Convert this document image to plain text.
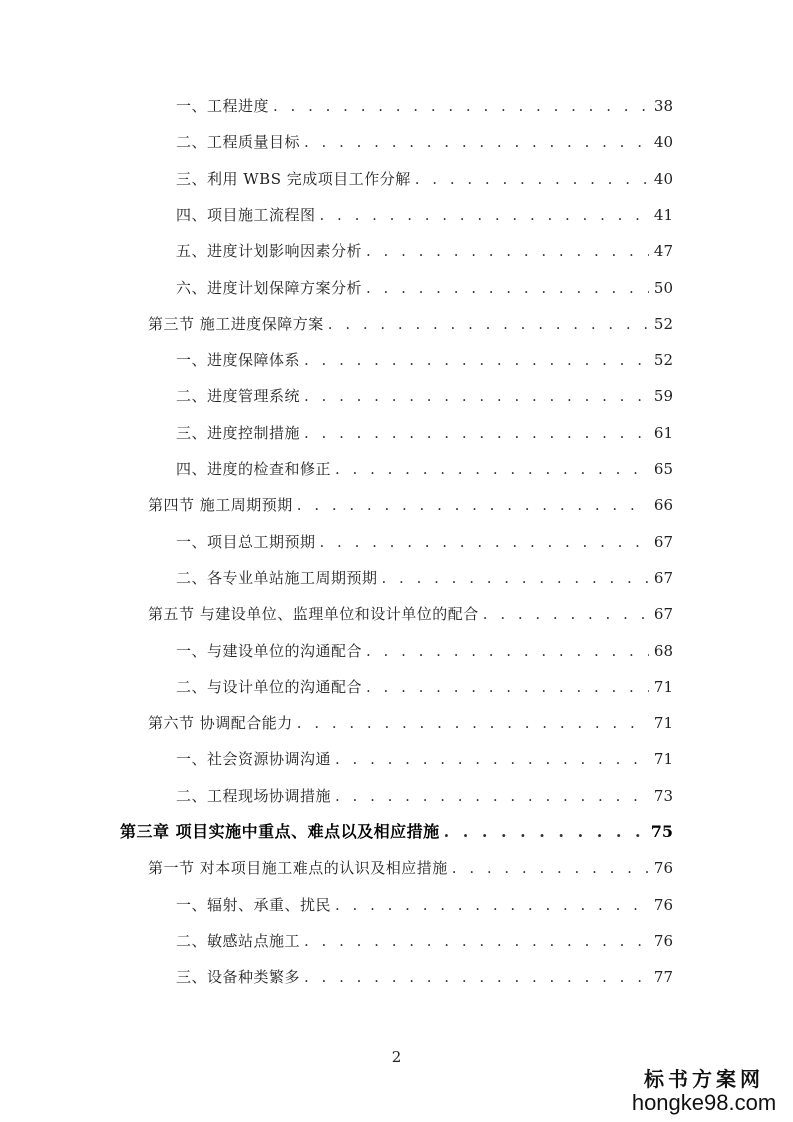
一、工程进度 . . .	38
二、工程质量目标 . . .	40
三、利用 WBS 完成项目工作分解 . . .	40
四、项目施工流程图 . . .	41
五、进度计划影响因素分析 . . .	47
六、进度计划保障方案分析 . . .	50
第三节 施工进度保障方案 . . .	52
一、进度保障体系 . . .	52
二、进度管理系统 . . .	59
三、进度控制措施 . . .	61
四、进度的检查和修正 . . .	65
第四节 施工周期预期 . . .	66
一、项目总工期预期 . . .	67
二、各专业单站施工周期预期 . . .	67
第五节 与建设单位、监理单位和设计单位的配合 . . .	67
一、与建设单位的沟通配合 . . .	68
二、与设计单位的沟通配合 . . .	71
第六节 协调配合能力 . . .	71
一、社会资源协调沟通 . . .	71
二、工程现场协调措施 . . .	73
第三章 项目实施中重点、难点以及相应措施 . . .	75
第一节 对本项目施工难点的认识及相应措施 . . .	76
一、辐射、承重、扰民 . . .	76
二、敏感站点施工 . . .	76
三、设备种类繁多 . . .	77
2
标书方案网
hongke98.com
